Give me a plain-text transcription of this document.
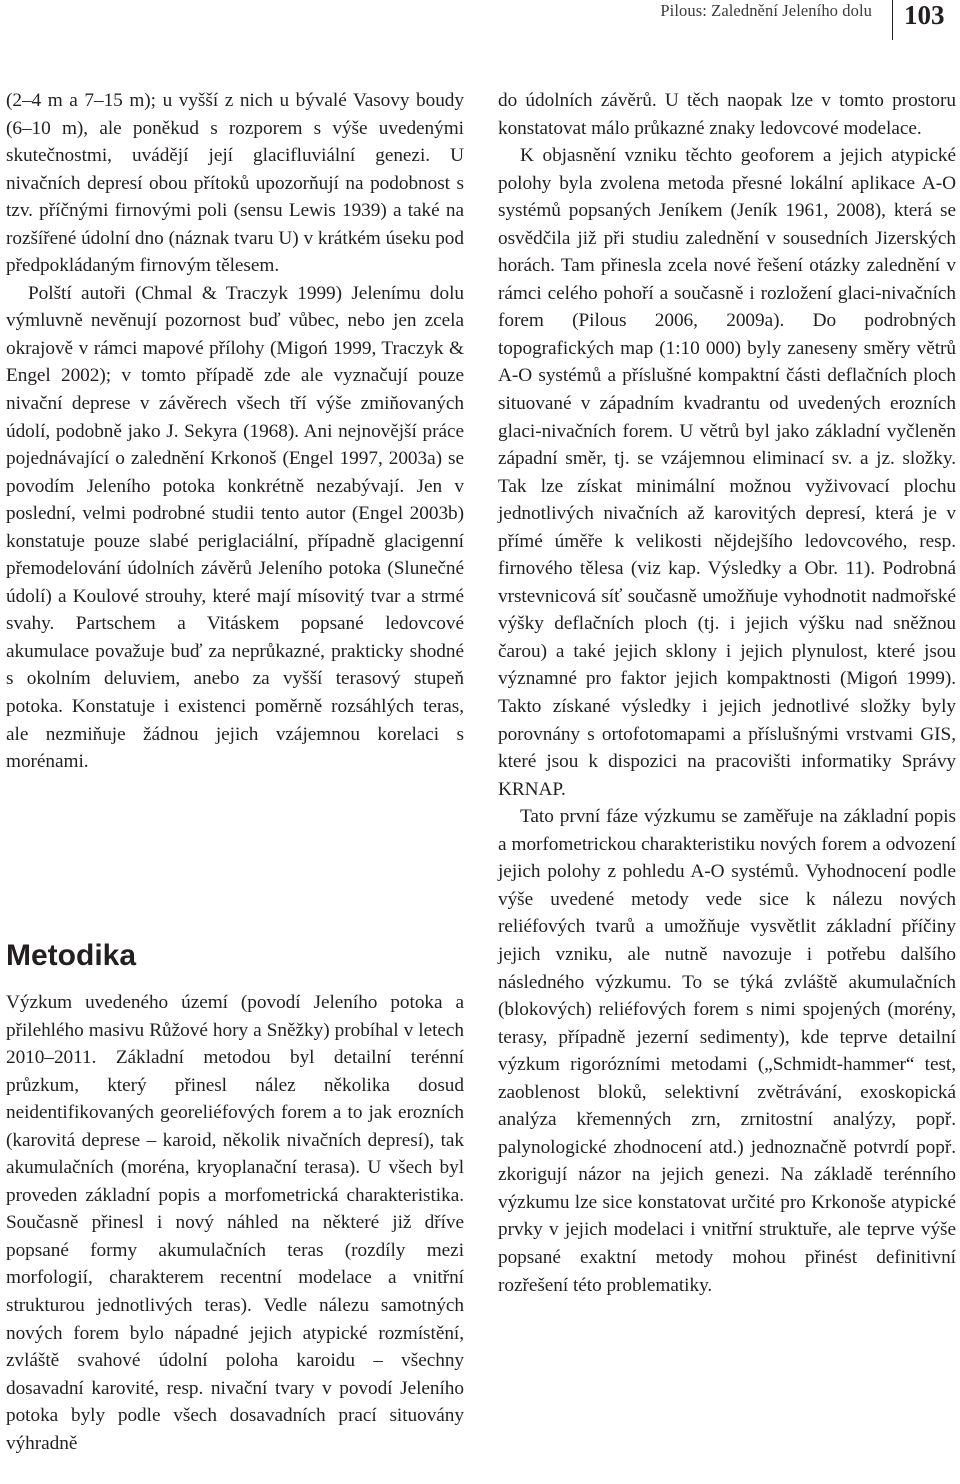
Pilous: Zalednění Jeleního dolu 103

(2–4 m a 7–15 m); u vyšší z nich u bývalé Vasovy boudy (6–10 m), ale poněkud s rozporem s výše uvedenými skutečnostmi, uvádějí její glacifluviální genezi. U nivačních depresí obou přítoků upozorňují na podobnost s tzv. příčnými firnovými poli (sensu Lewis 1939) a také na rozšířené údolní dno (náznak tvaru U) v krátkém úseku pod předpokládaným firnovým tělesem.

Polští autoři (Chmal & Traczyk 1999) Jelenímu dolu výmluvně nevěnují pozornost buď vůbec, nebo jen zcela okrajově v rámci mapové přílohy (Migoń 1999, Traczyk & Engel 2002); v tomto případě zde ale vyznačují pouze nivační deprese v závěrech všech tří výše zmiňovaných údolí, podobně jako J. Sekyra (1968). Ani nejnovější práce pojednávající o zalednění Krkonoš (Engel 1997, 2003a) se povodím Jeleního potoka konkrétně nezabývají. Jen v poslední, velmi podrobné studii tento autor (Engel 2003b) konstatuje pouze slabé periglaciální, případně glacigenní přemodelování údolních závěrů Jeleního potoka (Slunečné údolí) a Koulové strouhy, které mají mísovitý tvar a strmé svahy. Partschem a Vitáskem popsané ledovcové akumulace považuje buď za neprůkazné, prakticky shodné s okolním deluviem, anebo za vyšší terasový stupeň potoka. Konstatuje i existenci poměrně rozsáhlých teras, ale nezmiňuje žádnou jejich vzájemnou korelaci s morénami.

Metodika

Výzkum uvedeného území (povodí Jeleního potoka a přilehlého masivu Růžové hory a Sněžky) probíhal v letech 2010–2011. Základní metodou byl detailní terénní průzkum, který přinesl nález několika dosud neidentifikovaných georeliéfových forem a to jak erozních (karovitá deprese – karoid, několik nivačních depresí), tak akumulačních (moréna, kryoplanační terasa). U všech byl proveden základní popis a morfometrická charakteristika. Současně přinesl i nový náhled na některé již dříve popsané formy akumulačních teras (rozdíly mezi morfologií, charakterem recentní modelace a vnitřní strukturou jednotlivých teras). Vedle nálezu samotných nových forem bylo nápadné jejich atypické rozmístění, zvláště svahové údolní poloha karoidu – všechny dosavadní karovité, resp. nivační tvary v povodí Jeleního potoka byly podle všech dosavadních prací situovány výhradně

do údolních závěrů. U těch naopak lze v tomto prostoru konstatovat málo průkazné znaky ledovcové modelace.

K objasnění vzniku těchto geoforem a jejich atypické polohy byla zvolena metoda přesné lokální aplikace A-O systémů popsaných Jeníkem (Jeník 1961, 2008), která se osvědčila již při studiu zalednění v sousedních Jizerských horách. Tam přinesla zcela nové řešení otázky zalednění v rámci celého pohoří a současně i rozložení glaci-nivačních forem (Pilous 2006, 2009a). Do podrobných topografických map (1:10 000) byly zaneseny směry větrů A-O systémů a příslušné kompaktní části deflačních ploch situované v západním kvadrantu od uvedených erozních glaci-nivačních forem. U větrů byl jako základní vyčleněn západní směr, tj. se vzájemnou eliminací sv. a jz. složky. Tak lze získat minimální možnou vyživovací plochu jednotlivých nivačních až karovitých depresí, která je v přímé úměře k velikosti nějdejšího ledovcového, resp. firnového tělesa (viz kap. Výsledky a Obr. 11). Podrobná vrstevnicová síť současně umožňuje vyhodnotit nadmořské výšky deflačních ploch (tj. i jejich výšku nad sněžnou čarou) a také jejich sklony i jejich plynulost, které jsou významné pro faktor jejich kompaktnosti (Migoń 1999). Takto získané výsledky i jejich jednotlivé složky byly porovnány s ortofotomapami a příslušnými vrstvami GIS, které jsou k dispozici na pracovišti informatiky Správy KRNAP.

Tato první fáze výzkumu se zaměřuje na základní popis a morfometrickou charakteristiku nových forem a odvození jejich polohy z pohledu A-O systémů. Vyhodnocení podle výše uvedené metody vede sice k nálezu nových reliéfových tvarů a umožňuje vysvětlit základní příčiny jejich vzniku, ale nutně navozuje i potřebu dalšího následného výzkumu. To se týká zvláště akumulačních (blokových) reliéfových forem s nimi spojených (morény, terasy, případně jezerní sedimenty), kde teprve detailní výzkum rigorózními metodami („Schmidt-hammer“ test, zaoblenost bloků, selektivní zvětrávání, exoskopická analýza křemenných zrn, zrnitostní analýzy, popř. palynologické zhodnocení atd.) jednoznačně potvrdí popř. zkorigují názor na jejich genezi. Na základě terénního výzkumu lze sice konstatovat určité pro Krkonoše atypické prvky v jejich modelaci i vnitřní struktuře, ale teprve výše popsané exaktní metody mohou přinést definitivní rozřešení této problematiky.
